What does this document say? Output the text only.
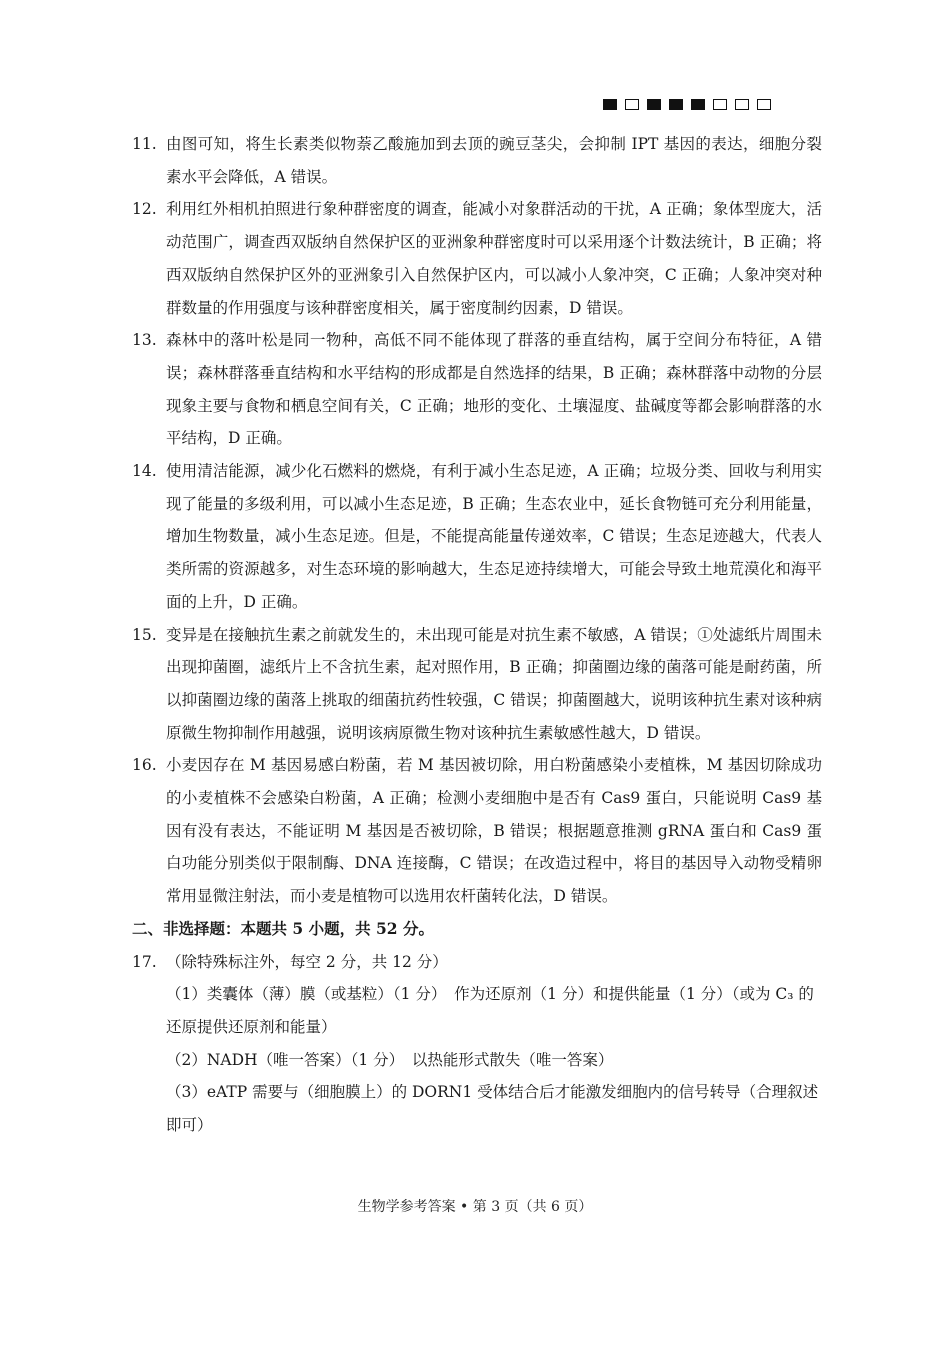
11. 由图可知，将生长素类似物萘乙酸施加到去顶的豌豆茎尖，会抑制 IPT 基因的表达，细胞分裂素水平会降低，A 错误。
12. 利用红外相机拍照进行象种群密度的调查，能减小对象群活动的干扰，A 正确；象体型庞大，活动范围广，调查西双版纳自然保护区的亚洲象种群密度时可以采用逐个计数法统计，B 正确；将西双版纳自然保护区外的亚洲象引入自然保护区内，可以减小人象冲突，C 正确；人象冲突对种群数量的作用强度与该种群密度相关，属于密度制约因素，D 错误。
13. 森林中的落叶松是同一物种，高低不同不能体现了群落的垂直结构，属于空间分布特征，A 错误；森林群落垂直结构和水平结构的形成都是自然选择的结果，B 正确；森林群落中动物的分层现象主要与食物和栖息空间有关，C 正确；地形的变化、土壤湿度、盐碱度等都会影响群落的水平结构，D 正确。
14. 使用清洁能源，减少化石燃料的燃烧，有利于减小生态足迹，A 正确；垃圾分类、回收与利用实现了能量的多级利用，可以减小生态足迹，B 正确；生态农业中，延长食物链可充分利用能量，增加生物数量，减小生态足迹。但是，不能提高能量传递效率，C 错误；生态足迹越大，代表人类所需的资源越多，对生态环境的影响越大，生态足迹持续增大，可能会导致土地荒漠化和海平面的上升，D 正确。
15. 变异是在接触抗生素之前就发生的，未出现可能是对抗生素不敏感，A 错误；①处滤纸片周围未出现抑菌圈，滤纸片上不含抗生素，起对照作用，B 正确；抑菌圈边缘的菌落可能是耐药菌，所以抑菌圈边缘的菌落上挑取的细菌抗药性较强，C 错误；抑菌圈越大，说明该种抗生素对该种病原微生物抑制作用越强，说明该病原微生物对该种抗生素敏感性越大，D 错误。
16. 小麦因存在 M 基因易感白粉菌，若 M 基因被切除，用白粉菌感染小麦植株，M 基因切除成功的小麦植株不会感染白粉菌，A 正确；检测小麦细胞中是否有 Cas9 蛋白，只能说明 Cas9 基因有没有表达，不能证明 M 基因是否被切除，B 错误；根据题意推测 gRNA 蛋白和 Cas9 蛋白功能分别类似于限制酶、DNA 连接酶，C 错误；在改造过程中，将目的基因导入动物受精卵常用显微注射法，而小麦是植物可以选用农杆菌转化法，D 错误。
二、非选择题：本题共 5 小题，共 52 分。
17. （除特殊标注外，每空 2 分，共 12 分）
（1）类囊体（薄）膜（或基粒）（1 分）　作为还原剂（1 分）和提供能量（1 分）（或为 C₃ 的还原提供还原剂和能量）
（2）NADH（唯一答案）（1 分）　以热能形式散失（唯一答案）
（3）eATP 需要与（细胞膜上）的 DORN1 受体结合后才能激发细胞内的信号转导（合理叙述即可）
生物学参考答案 • 第 3 页（共 6 页）
